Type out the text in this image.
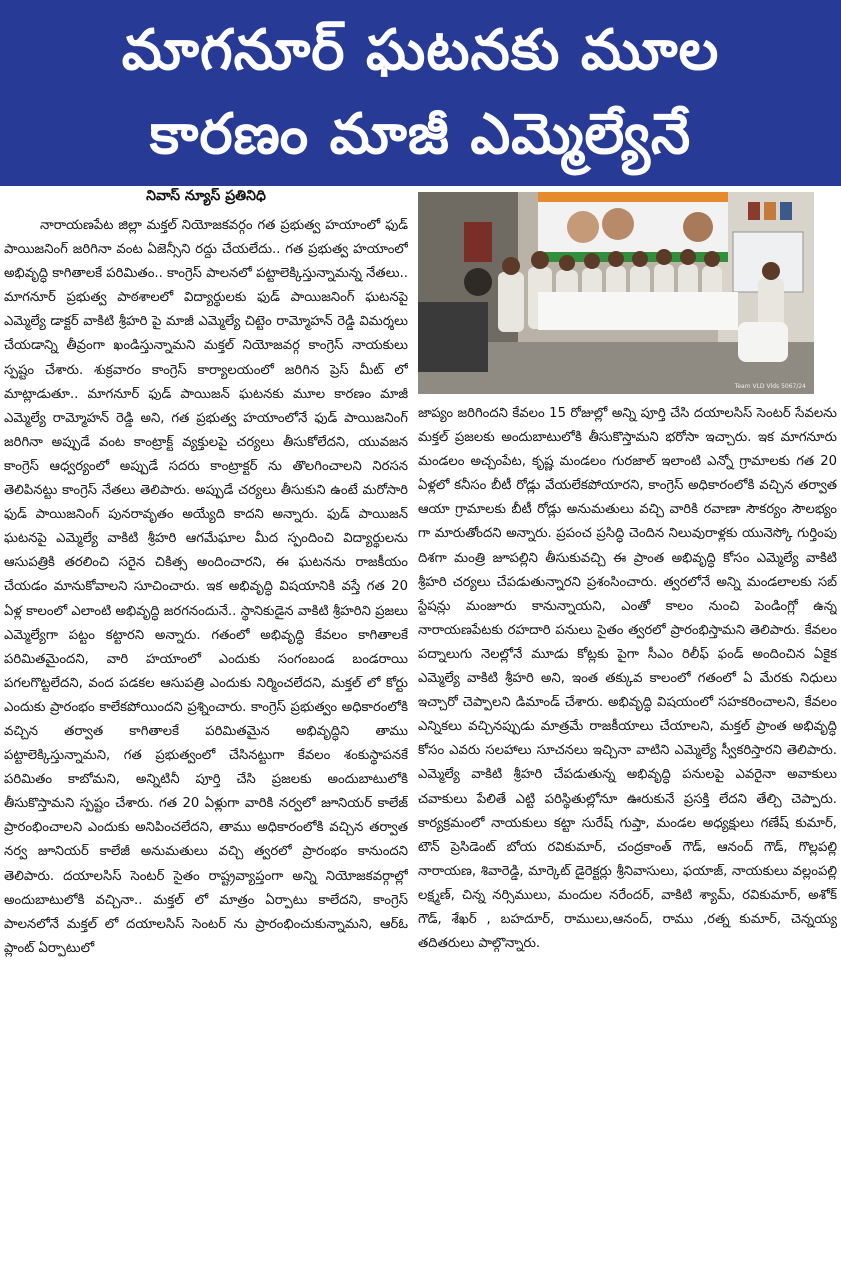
మాగనూర్ ఘటనకు మూల
కారణం మాజీ ఎమ్మెల్యేనే
నివాస్ న్యూస్ ప్రతినిధి

నారాయణపేట జిల్లా మక్తల్ నియోజకవర్గం గత ప్రభుత్వ హయాంలో ఫుడ్ పాయిజనింగ్ జరిగినా వంట ఏజెన్సీని రద్దు చేయలేదు.. గత ప్రభుత్వ హయాంలో అభివృద్ధి కాగితాలకే పరిమితం.. కాంగ్రెస్ పాలనలో పట్టాలెక్కిస్తున్నామన్న నేతలు.. మాగనూర్ ప్రభుత్వ పాఠశాలలో విద్యార్థులకు ఫుడ్ పాయిజనింగ్ ఘటనపై ఎమ్మెల్యే డాక్టర్ వాకిటి శ్రీహరి పై మాజీ ఎమ్మెల్యే చిట్టెం రామ్మోహన్ రెడ్డి విమర్శలు చేయడాన్ని తీవ్రంగా ఖండిస్తున్నామని మక్తల్ నియోజవర్గ కాంగ్రెస్ నాయకులు స్పష్టం చేశారు. శుక్రవారం కాంగ్రెస్ కార్యాలయంలో జరిగిన ప్రెస్ మీట్ లో మాట్లాడుతూ.. మాగనూర్ ఫుడ్ పాయిజన్ ఘటనకు మూల కారణం మాజీ ఎమ్మెల్యే రామ్మోహన్ రెడ్డి అని, గత ప్రభుత్వ హయాంలోనే ఫుడ్ పాయిజనింగ్ జరిగినా అప్పుడే వంట కాంట్రాక్ట్ వ్యక్తులపై చర్యలు తీసుకోలేదని, యువజన కాంగ్రెస్ ఆధ్వర్యంలో అప్పుడే సదరు కాంట్రాక్టర్ ను తొలగించాలని నిరసన తెలిపినట్టు కాంగ్రెస్ నేతలు తెలిపారు. అప్పుడే చర్యలు తీసుకుని ఉంటే మరోసారి ఫుడ్ పాయిజనింగ్ పునరావృతం అయ్యేది కాదని అన్నారు. ఫుడ్ పాయిజన్ ఘటనపై ఎమ్మెల్యే వాకిటి శ్రీహరి ఆగమేఘాల మీద స్పందించి విద్యార్థులను ఆసుపత్రికి తరలించి సరైన చికిత్స అందించారని, ఈ ఘటనను రాజకీయం చేయడం మానుకోవాలని సూచించారు. ఇక అభివృద్ధి విషయానికి వస్తే గత 20 ఏళ్ల కాలంలో ఎలాంటి అభివృద్ధి జరగనందునే.. స్థానికుడైన వాకిటి శ్రీహరిని ప్రజలు ఎమ్మెల్యేగా పట్టం కట్టారని అన్నారు. గతంలో అభివృద్ధి కేవలం కాగితాలకే పరిమితమైందని, వారి హయాంలో ఎందుకు సంగంబండ బండరాయి పగలగొట్టలేదని, వంద పడకల ఆసుపత్రి ఎందుకు నిర్మించలేదని, మక్తల్ లో కోర్టు ఎందుకు ప్రారంభం కాలేకపోయిందని ప్రశ్నించారు. కాంగ్రెస్ ప్రభుత్వం అధికారంలోకి వచ్చిన తర్వాత కాగితాలకే పరిమితమైన అభివృద్ధిని తాము పట్టాలెక్కిస్తున్నామని, గత ప్రభుత్వంలో చేసినట్టుగా కేవలం శంకుస్థాపనకే పరిమితం కాబోమని, అన్నిటినీ పూర్తి చేసి ప్రజలకు అందుబాటులోకి తీసుకొస్తామని స్పష్టం చేశారు. గత 20 ఏళ్లుగా వారికి నర్వలో జూనియర్ కాలేజ్ ప్రారంభించాలని ఎందుకు అనిపించలేదని, తాము అధికారంలోకి వచ్చిన తర్వాత నర్వ జూనియర్ కాలేజీ అనుమతులు వచ్చి త్వరలో ప్రారంభం కానుందని తెలిపారు. దయాలసిస్ సెంటర్ సైతం రాష్ట్రవ్యాప్తంగా అన్ని నియోజకవర్గాల్లో అందుబాటులోకి వచ్చినా.. మక్తల్ లో మాత్రం ఏర్పాటు కాలేదని, కాంగ్రెస్ పాలనలోనే మక్తల్ లో దయాలసిస్ సెంటర్ ను ప్రారంభించుకున్నామని, ఆర్ఓ ప్లాంట్ ఏర్పాటులో

Team VLD Vlds 5067/24

జాప్యం జరిగిందని కేవలం 15 రోజుల్లో అన్ని పూర్తి చేసి దయాలసిస్ సెంటర్ సేవలను మక్తల్ ప్రజలకు అందుబాటులోకి తీసుకొస్తామని భరోసా ఇచ్చారు. ఇక మాగనూరు మండలం అచ్చంపేట, కృష్ణ మండలం గురజాల్ ఇలాంటి ఎన్నో గ్రామాలకు గత 20 ఏళ్లలో కనీసం బీటీ రోడ్లు వేయలేకపోయారని, కాంగ్రెస్ అధికారంలోకి వచ్చిన తర్వాత ఆయా గ్రామాలకు బీటీ రోడ్లు అనుమతులు వచ్చి వారికి రవాణా సౌకర్యం సౌలభ్యం గా మారుతోందని అన్నారు. ప్రపంచ ప్రసిద్ధి చెందిన నిలువురాళ్లకు యునెస్కో గుర్తింపు దిశగా మంత్రి జూపల్లిని తీసుకువచ్చి ఈ ప్రాంత అభివృద్ధి కోసం ఎమ్మెల్యే వాకిటి శ్రీహరి చర్యలు చేపడుతున్నారని ప్రశంసించారు. త్వరలోనే అన్ని మండలాలకు సబ్ స్టేషన్లు మంజూరు కానున్నాయని, ఎంతో కాలం నుంచి పెండింగ్లో ఉన్న నారాయణపేటకు రహదారి పనులు సైతం త్వరలో ప్రారంభిస్తామని తెలిపారు. కేవలం పద్నాలుగు నెలల్లోనే మూడు కోట్లకు పైగా సీఎం రిలీఫ్ ఫండ్ అందించిన ఏకైక ఎమ్మెల్యే వాకిటి శ్రీహరి అని, ఇంత తక్కువ కాలంలో గతంలో ఏ మేరకు నిధులు ఇచ్చారో చెప్పాలని డిమాండ్ చేశారు. అభివృద్ధి విషయంలో సహకరించాలని, కేవలం ఎన్నికలు వచ్చినప్పుడు మాత్రమే రాజకీయాలు చేయాలని, మక్తల్ ప్రాంత అభివృద్ధి కోసం ఎవరు సలహాలు సూచనలు ఇచ్చినా వాటిని ఎమ్మెల్యే స్వీకరిస్తారని తెలిపారు. ఎమ్మెల్యే వాకిటి శ్రీహరి చేపడుతున్న అభివృద్ధి పనులపై ఎవరైనా అవాకులు చవాకులు పేలితే ఎట్టి పరిస్థితుల్లోనూ ఊరుకునే ప్రసక్తి లేదని తేల్చి చెప్పారు. కార్యక్రమంలో నాయకులు కట్టా సురేష్ గుప్తా, మండల అధ్యక్షులు గణేష్ కుమార్, టౌన్ ప్రెసిడెంట్ బోయ రవికుమార్, చంద్రకాంత్ గౌడ్, ఆనంద్ గౌడ్, గొల్లపల్లి నారాయణ, శివారెడ్డి, మార్కెట్ డైరెక్టర్లు శ్రీనివాసులు, ఫయాజ్, నాయకులు వల్లంపల్లి లక్ష్మణ్, చిన్న నర్సిములు, మందుల నరేందర్, వాకిటి శ్యామ్, రవికుమార్, అశోక్ గౌడ్, శేఖర్ , బహదూర్, రాములు,ఆనంద్, రాము ,రత్న కుమార్, చెన్నయ్య తదితరులు పాల్గొన్నారు.
